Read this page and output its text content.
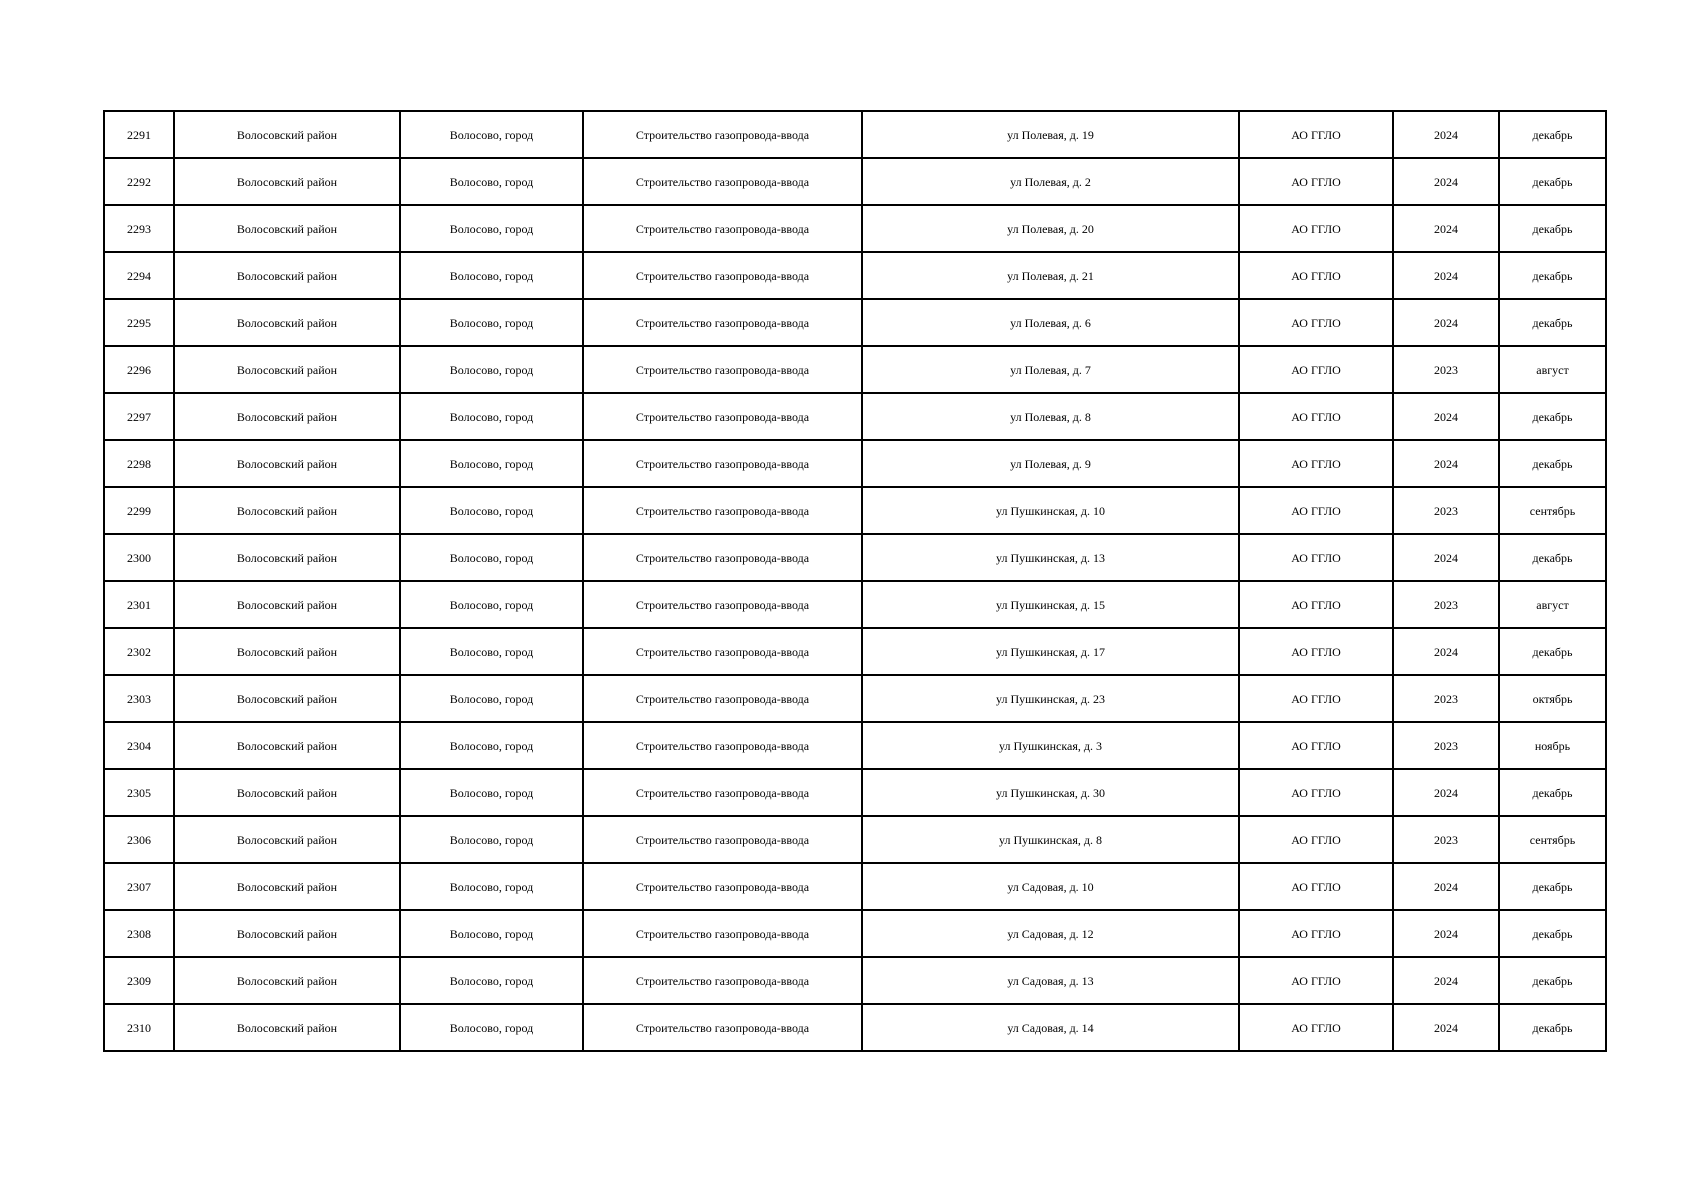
2291	Волосовский район	Волосово, город	Строительство газопровода-ввода	ул Полевая, д. 19	АО ГГЛО	2024	декабрь
2292	Волосовский район	Волосово, город	Строительство газопровода-ввода	ул Полевая, д. 2	АО ГГЛО	2024	декабрь
2293	Волосовский район	Волосово, город	Строительство газопровода-ввода	ул Полевая, д. 20	АО ГГЛО	2024	декабрь
2294	Волосовский район	Волосово, город	Строительство газопровода-ввода	ул Полевая, д. 21	АО ГГЛО	2024	декабрь
2295	Волосовский район	Волосово, город	Строительство газопровода-ввода	ул Полевая, д. 6	АО ГГЛО	2024	декабрь
2296	Волосовский район	Волосово, город	Строительство газопровода-ввода	ул Полевая, д. 7	АО ГГЛО	2023	август
2297	Волосовский район	Волосово, город	Строительство газопровода-ввода	ул Полевая, д. 8	АО ГГЛО	2024	декабрь
2298	Волосовский район	Волосово, город	Строительство газопровода-ввода	ул Полевая, д. 9	АО ГГЛО	2024	декабрь
2299	Волосовский район	Волосово, город	Строительство газопровода-ввода	ул Пушкинская, д. 10	АО ГГЛО	2023	сентябрь
2300	Волосовский район	Волосово, город	Строительство газопровода-ввода	ул Пушкинская, д. 13	АО ГГЛО	2024	декабрь
2301	Волосовский район	Волосово, город	Строительство газопровода-ввода	ул Пушкинская, д. 15	АО ГГЛО	2023	август
2302	Волосовский район	Волосово, город	Строительство газопровода-ввода	ул Пушкинская, д. 17	АО ГГЛО	2024	декабрь
2303	Волосовский район	Волосово, город	Строительство газопровода-ввода	ул Пушкинская, д. 23	АО ГГЛО	2023	октябрь
2304	Волосовский район	Волосово, город	Строительство газопровода-ввода	ул Пушкинская, д. 3	АО ГГЛО	2023	ноябрь
2305	Волосовский район	Волосово, город	Строительство газопровода-ввода	ул Пушкинская, д. 30	АО ГГЛО	2024	декабрь
2306	Волосовский район	Волосово, город	Строительство газопровода-ввода	ул Пушкинская, д. 8	АО ГГЛО	2023	сентябрь
2307	Волосовский район	Волосово, город	Строительство газопровода-ввода	ул Садовая, д. 10	АО ГГЛО	2024	декабрь
2308	Волосовский район	Волосово, город	Строительство газопровода-ввода	ул Садовая, д. 12	АО ГГЛО	2024	декабрь
2309	Волосовский район	Волосово, город	Строительство газопровода-ввода	ул Садовая, д. 13	АО ГГЛО	2024	декабрь
2310	Волосовский район	Волосово, город	Строительство газопровода-ввода	ул Садовая, д. 14	АО ГГЛО	2024	декабрь
